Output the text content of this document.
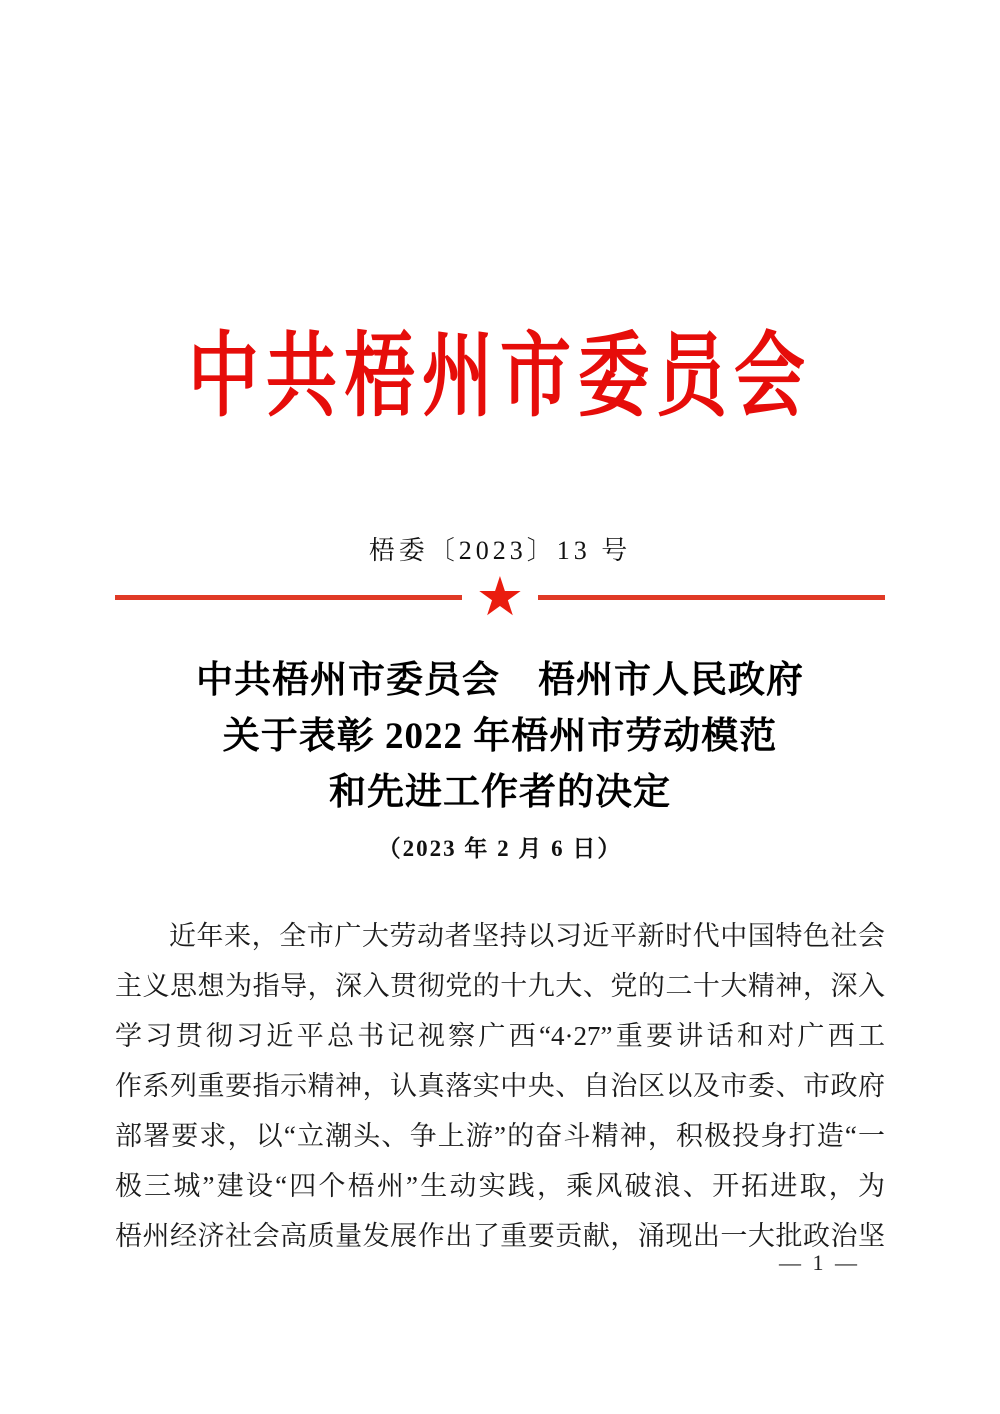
中共梧州市委员会
梧委〔2023〕13 号
★
中共梧州市委员会　梧州市人民政府
关于表彰 2022 年梧州市劳动模范
和先进工作者的决定
（2023 年 2 月 6 日）
近年来，全市广大劳动者坚持以习近平新时代中国特色社会
主义思想为指导，深入贯彻党的十九大、党的二十大精神，深入
学习贯彻习近平总书记视察广西“4·27”重要讲话和对广西工
作系列重要指示精神，认真落实中央、自治区以及市委、市政府
部署要求，以“立潮头、争上游”的奋斗精神，积极投身打造“一
极三城”建设“四个梧州”生动实践，乘风破浪、开拓进取，为
梧州经济社会高质量发展作出了重要贡献，涌现出一大批政治坚
— 1 —
